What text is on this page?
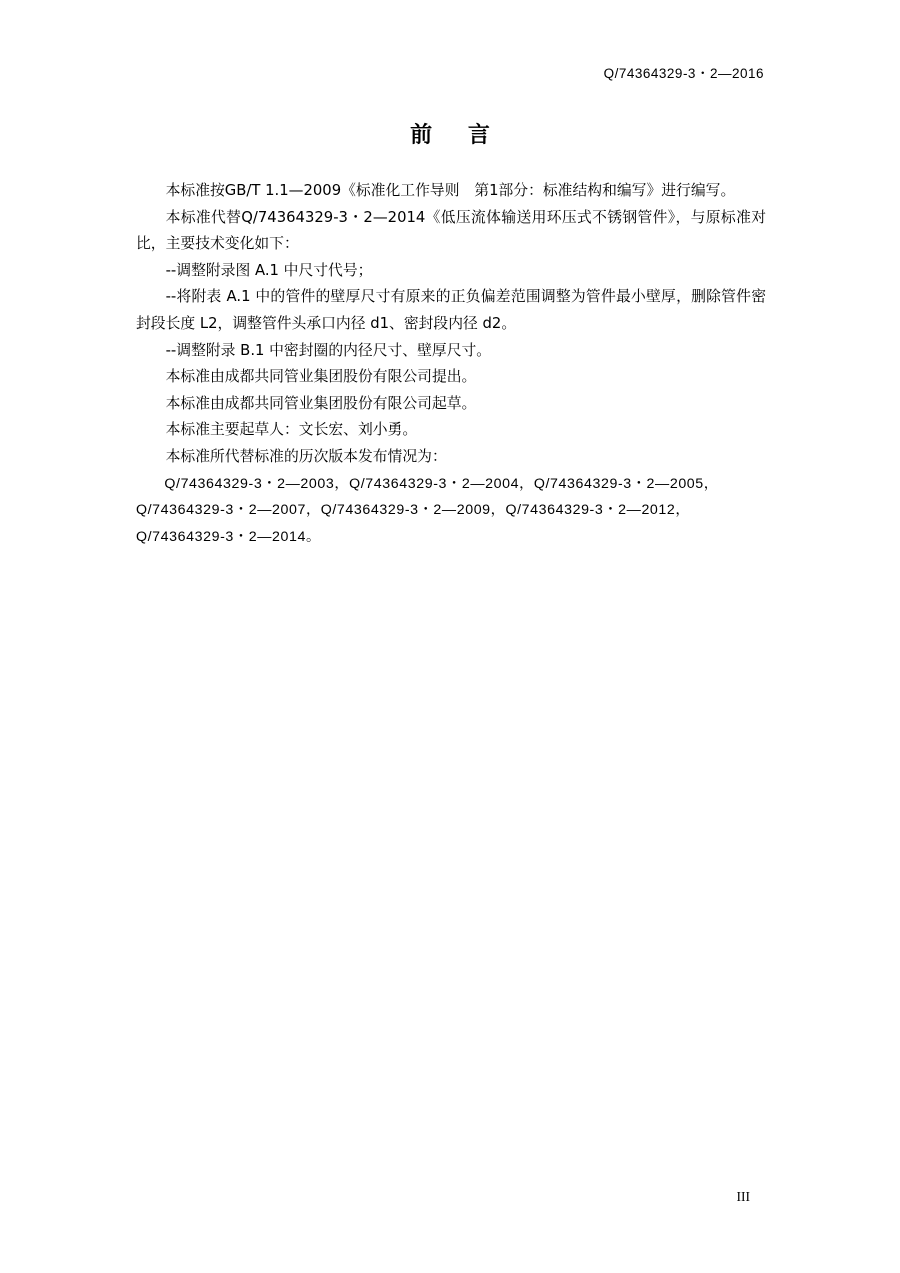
Q/74364329-3・2—2016
前 言

本标准按GB/T 1.1—2009《标准化工作导则　第1部分：标准结构和编写》进行编写。

本标准代替Q/74364329-3・2—2014《低压流体输送用环压式不锈钢管件》，与原标准对比，主要技术变化如下：

--调整附录图 A.1 中尺寸代号；

--将附表 A.1 中的管件的壁厚尺寸有原来的正负偏差范围调整为管件最小壁厚，删除管件密封段长度 L2，调整管件头承口内径 d1、密封段内径 d2。

--调整附录 B.1 中密封圈的内径尺寸、壁厚尺寸。

本标准由成都共同管业集团股份有限公司提出。

本标准由成都共同管业集团股份有限公司起草。

本标准主要起草人：文长宏、刘小勇。

本标准所代替标准的历次版本发布情况为：

Q/74364329-3・2—2003，Q/74364329-3・2—2004，Q/74364329-3・2—2005，
Q/74364329-3・2—2007，Q/74364329-3・2—2009，Q/74364329-3・2—2012，
Q/74364329-3・2—2014。
III
